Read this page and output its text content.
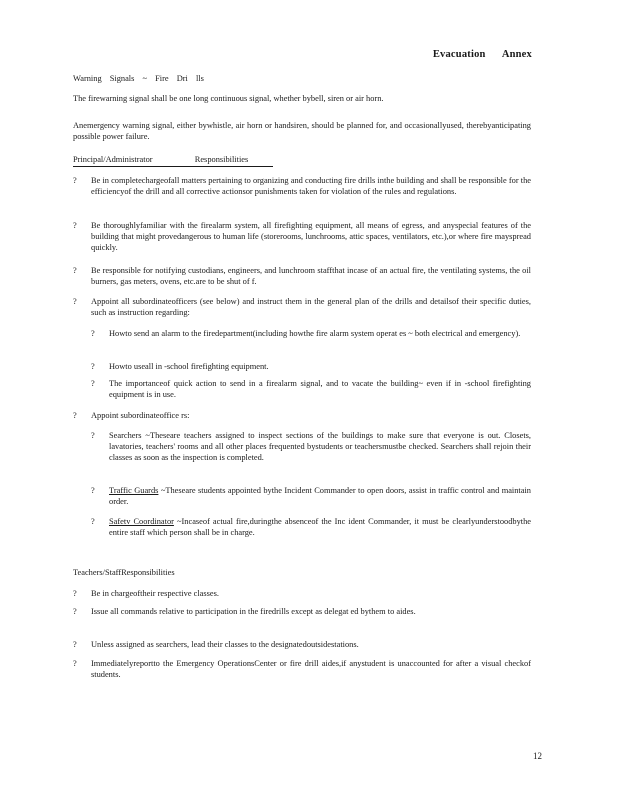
Evacuation Annex
Warning Signals ~ Fire Dri lls
The firewarning signal shall be one long continuous signal, whether bybell, siren or air horn.
Anemergency warning signal, either bywhistle, air horn or handsiren, should be planned for, and occasionallyused, therebyanticipating possible power failure.
Principal/Administrator	Responsibilities
? Be in completechargeofall matters pertaining to organizing and conducting fire drills inthe building and shall be responsible for the efficiencyof the drill and all corrective actionsor punishments taken for violation of the rules and regulations.
? Be thoroughlyfamiliar with the firealarm system, all firefighting equipment, all means of egress, and anyspecial features of the building that might provedangerous to human life (storerooms, lunchrooms, attic spaces, ventilators, etc.),or where fire mayspread quickly.
? Be responsible for notifying custodians, engineers, and lunchroom staffthat incase of an actual fire, the ventilating systems, the oil burners, gas meters, ovens, etc.are to be shut of f.
? Appoint all subordinateofficers (see below) and instruct them in the general plan of the drills and detailsof their specific duties, such as instruction regarding:
? Howto send an alarm to the firedepartment(including howthe fire alarm system operat es ~ both electrical and emergency).
? Howto useall in -school firefighting equipment.
? The importanceof quick action to send in a firealarm signal, and to vacate the building~ even if in -school firefighting equipment is in use.
? Appoint subordinateoffice rs:
? Searchers ~Theseare teachers assigned to inspect sections of the buildings to make sure that everyone is out. Closets, lavatories, teachers' rooms and all other places frequented bystudents or teachersmustbe checked. Searchers shall rejoin their classes as soon as the inspection is completed.
? Traffic Guards ~Theseare students appointed bythe Incident Commander to open doors, assist in traffic control and maintain order.
? Safetv Coordinator ~Incaseof actual fire,duringthe absenceof the Inc ident Commander, it must be clearlyunderstoodbythe entire staff which person shall be in charge.
Teachers/StaffResponsibilities
? Be in chargeoftheir respective classes.
? Issue all commands relative to participation in the firedrills except as delegat ed bythem to aides.
? Unless assigned as searchers, lead their classes to the designatedoutsidestations.
? Immediatelyreportto the Emergency OperationsCenter or fire drill aides,if anystudent is unaccounted for after a visual checkof students.
12
